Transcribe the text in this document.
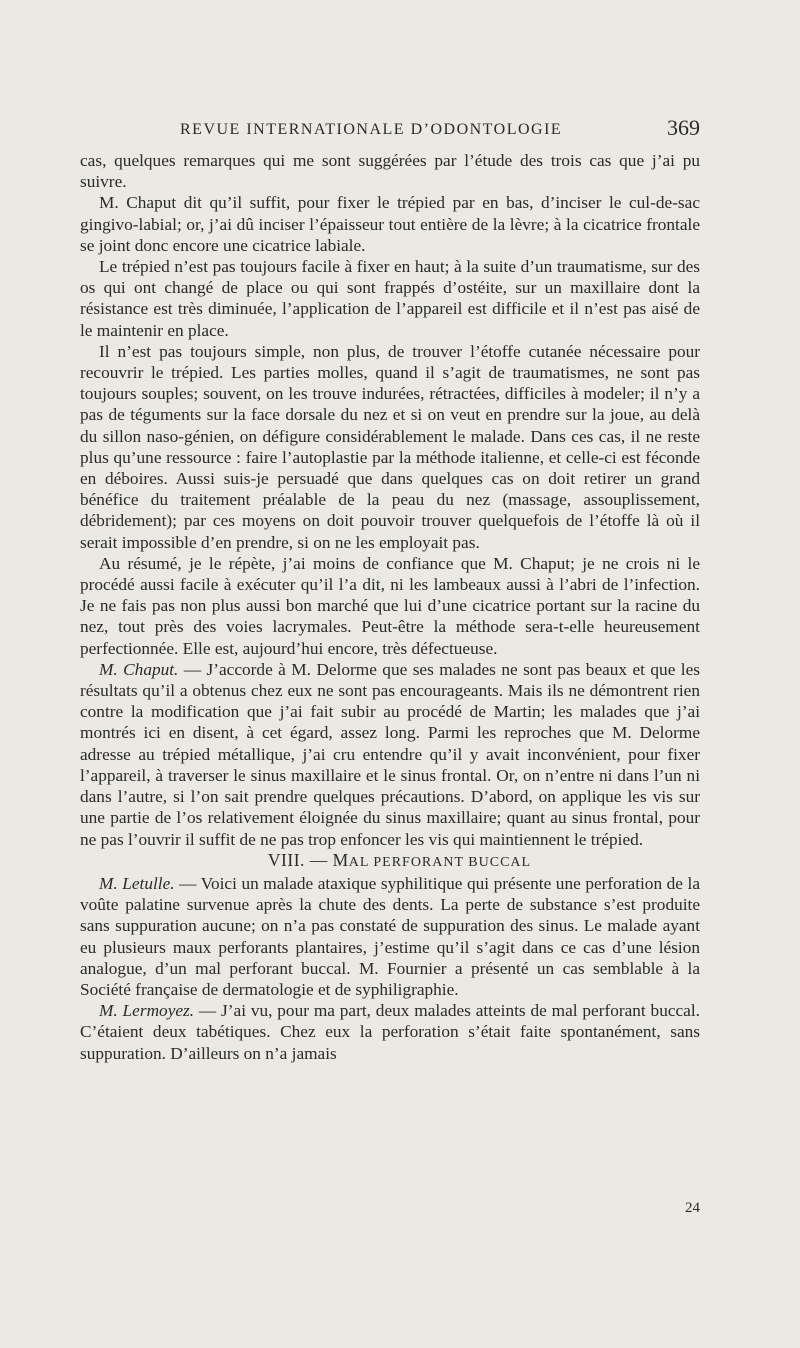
REVUE INTERNATIONALE D’ODONTOLOGIE	369

cas, quelques remarques qui me sont suggérées par l’étude des trois cas que j’ai pu suivre.

M. Chaput dit qu’il suffit, pour fixer le trépied par en bas, d’inciser le cul-de-sac gingivo-labial; or, j’ai dû inciser l’épaisseur tout entière de la lèvre; à la cicatrice frontale se joint donc encore une cicatrice labiale.

Le trépied n’est pas toujours facile à fixer en haut; à la suite d’un traumatisme, sur des os qui ont changé de place ou qui sont frappés d’ostéite, sur un maxillaire dont la résistance est très diminuée, l’application de l’appareil est difficile et il n’est pas aisé de le maintenir en place.

Il n’est pas toujours simple, non plus, de trouver l’étoffe cutanée nécessaire pour recouvrir le trépied. Les parties molles, quand il s’agit de traumatismes, ne sont pas toujours souples; souvent, on les trouve indurées, rétractées, difficiles à modeler; il n’y a pas de téguments sur la face dorsale du nez et si on veut en prendre sur la joue, au delà du sillon naso-génien, on défigure considérablement le malade. Dans ces cas, il ne reste plus qu’une ressource : faire l’autoplastie par la méthode italienne, et celle-ci est féconde en déboires. Aussi suis-je persuadé que dans quelques cas on doit retirer un grand bénéfice du traitement préalable de la peau du nez (massage, assouplissement, débridement); par ces moyens on doit pouvoir trouver quelquefois de l’étoffe là où il serait impossible d’en prendre, si on ne les employait pas.

Au résumé, je le répète, j’ai moins de confiance que M. Chaput; je ne crois ni le procédé aussi facile à exécuter qu’il l’a dit, ni les lambeaux aussi à l’abri de l’infection. Je ne fais pas non plus aussi bon marché que lui d’une cicatrice portant sur la racine du nez, tout près des voies lacrymales. Peut-être la méthode sera-t-elle heureusement perfectionnée. Elle est, aujourd’hui encore, très défectueuse.

M. Chaput. — J’accorde à M. Delorme que ses malades ne sont pas beaux et que les résultats qu’il a obtenus chez eux ne sont pas encourageants. Mais ils ne démontrent rien contre la modification que j’ai fait subir au procédé de Martin; les malades que j’ai montrés ici en disent, à cet égard, assez long. Parmi les reproches que M. Delorme adresse au trépied métallique, j’ai cru entendre qu’il y avait inconvénient, pour fixer l’appareil, à traverser le sinus maxillaire et le sinus frontal. Or, on n’entre ni dans l’un ni dans l’autre, si l’on sait prendre quelques précautions. D’abord, on applique les vis sur une partie de l’os relativement éloignée du sinus maxillaire; quant au sinus frontal, pour ne pas l’ouvrir il suffit de ne pas trop enfoncer les vis qui maintiennent le trépied.

VIII. — MAL PERFORANT BUCCAL

M. Letulle. — Voici un malade ataxique syphilitique qui présente une perforation de la voûte palatine survenue après la chute des dents. La perte de substance s’est produite sans suppuration aucune; on n’a pas constaté de suppuration des sinus. Le malade ayant eu plusieurs maux perforants plantaires, j’estime qu’il s’agit dans ce cas d’une lésion analogue, d’un mal perforant buccal. M. Fournier a présenté un cas semblable à la Société française de dermatologie et de syphiligraphie.

M. Lermoyez. — J’ai vu, pour ma part, deux malades atteints de mal perforant buccal. C’étaient deux tabétiques. Chez eux la perforation s’était faite spontanément, sans suppuration. D’ailleurs on n’a jamais

24
